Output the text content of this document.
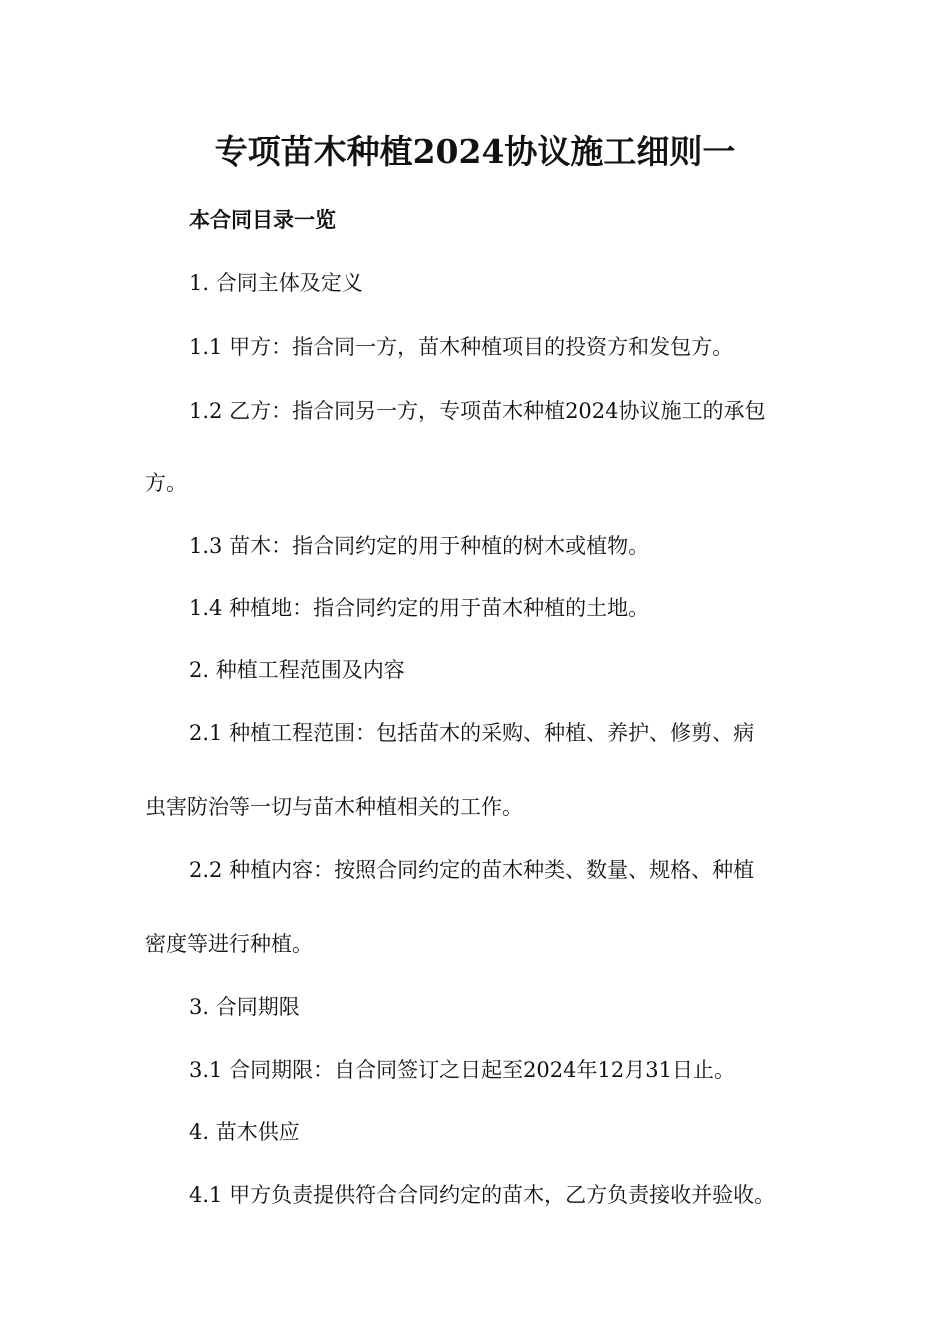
专项苗木种植2024协议施工细则一
本合同目录一览
1. 合同主体及定义
1.1 甲方：指合同一方，苗木种植项目的投资方和发包方。
1.2 乙方：指合同另一方，专项苗木种植2024协议施工的承包
方。
1.3 苗木：指合同约定的用于种植的树木或植物。
1.4 种植地：指合同约定的用于苗木种植的土地。
2. 种植工程范围及内容
2.1 种植工程范围：包括苗木的采购、种植、养护、修剪、病
虫害防治等一切与苗木种植相关的工作。
2.2 种植内容：按照合同约定的苗木种类、数量、规格、种植
密度等进行种植。
3. 合同期限
3.1 合同期限：自合同签订之日起至2024年12月31日止。
4. 苗木供应
4.1 甲方负责提供符合合同约定的苗木，乙方负责接收并验收。
